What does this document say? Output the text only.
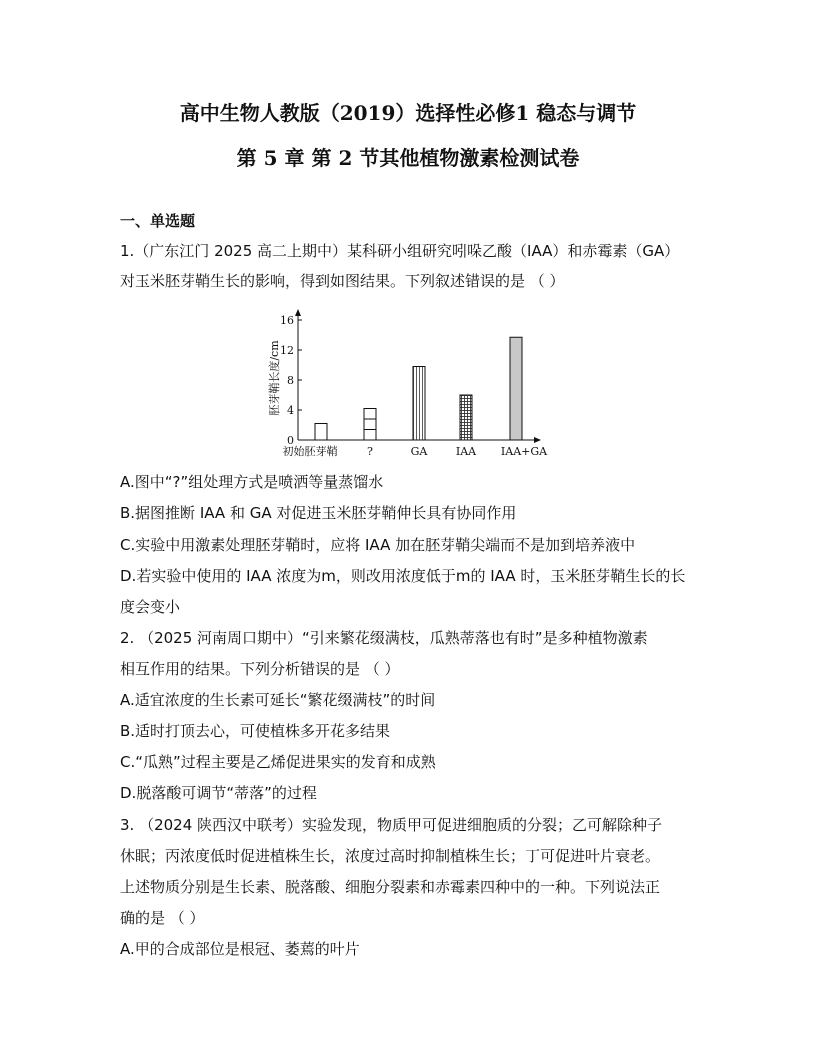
高中生物人教版（2019）选择性必修1 稳态与调节
第 5 章 第 2 节其他植物激素检测试卷
一、单选题
1.（广东江门 2025 高二上期中）某科研小组研究吲哚乙酸（IAA）和赤霉素（GA）
对玉米胚芽鞘生长的影响，得到如图结果。下列叙述错误的是 （ ）
胚芽鞘长度/cm
0
4
8
12
16
初始胚芽鞘	?	GA	IAA IAA+GA
A.图中“?”组处理方式是喷洒等量蒸馏水
B.据图推断 IAA 和 GA 对促进玉米胚芽鞘伸长具有协同作用
C.实验中用激素处理胚芽鞘时，应将 IAA 加在胚芽鞘尖端而不是加到培养液中
D.若实验中使用的 IAA 浓度为m，则改用浓度低于m的 IAA 时，玉米胚芽鞘生长的长
度会变小
2. （2025 河南周口期中）“引来繁花缀满枝，瓜熟蒂落也有时”是多种植物激素
相互作用的结果。下列分析错误的是 （ ）
A.适宜浓度的生长素可延长“繁花缀满枝”的时间
B.适时打顶去心，可使植株多开花多结果
C.“瓜熟”过程主要是乙烯促进果实的发育和成熟
D.脱落酸可调节“蒂落”的过程
3. （2024 陕西汉中联考）实验发现，物质甲可促进细胞质的分裂；乙可解除种子
休眠；丙浓度低时促进植株生长，浓度过高时抑制植株生长；丁可促进叶片衰老。
上述物质分别是生长素、脱落酸、细胞分裂素和赤霉素四种中的一种。下列说法正
确的是 （ ）
A.甲的合成部位是根冠、萎蔫的叶片
